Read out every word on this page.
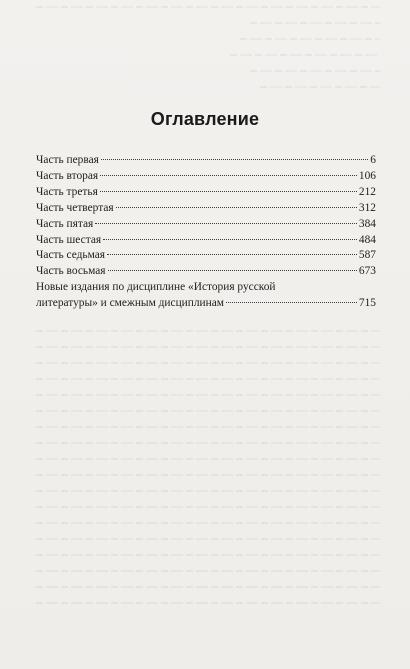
Оглавление
Часть первая	6
Часть вторая	106
Часть третья	212
Часть четвертая	312
Часть пятая	384
Часть шестая	484
Часть седьмая	587
Часть восьмая	673
Новые издания по дисциплине «История русской
литературы» и смежным дисциплинам	715
